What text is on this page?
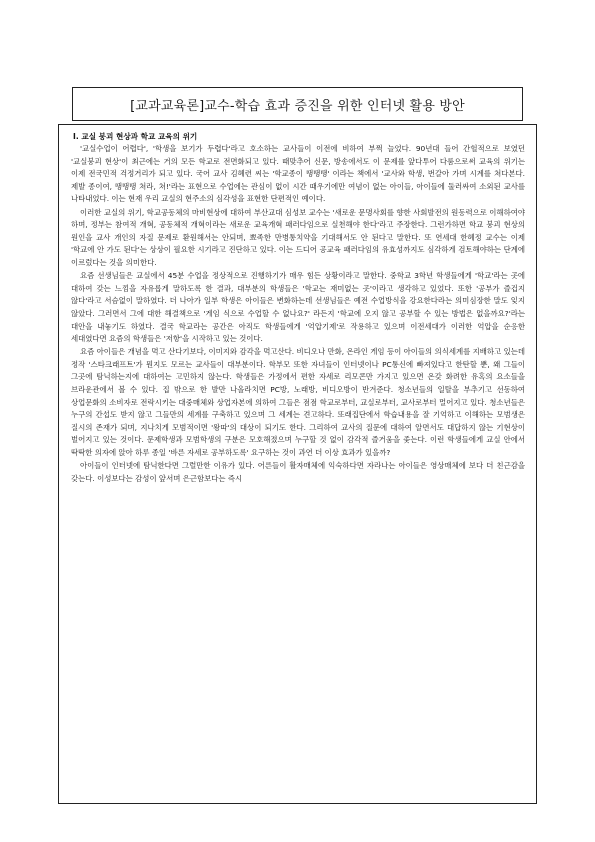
[교과교육론]교수-학습 효과 증진을 위한 인터넷 활용 방안
Ⅰ. 교실 붕괴 현상과 학교 교육의 위기

'교실수업이 어렵다', '학생을 보기가 두렵다'라고 호소하는 교사들이 이전에 비하여 부쩍 늘었다. 90년대 들어 간헐적으로 보였던 '교실붕괴 현상'이 최근에는 거의 모든 학교로 전면화되고 있다. 때맞추어 신문, 방송에서도 이 문제를 앞다투어 다룸으로써 교육의 위기는 이제 전국민적 걱정거리가 되고 있다. 국어 교사 김혜련 씨는 '학교종이 땡땡땡' 이라는 책에서 '교사와 학생, 번갈아 가며 시계를 쳐다본다. 제발 종이여, 땡땡땡 쳐라, 쳐!'라는 표현으로 수업에는 관심이 없이 시간 때우기에만 여념이 없는 아이들, 아이들에 둘러싸여 소외된 교사를 나타내었다. 이는 현재 우리 교실의 현주소의 심각성을 표현한 단편적인 예이다.

이러한 교실의 위기, 학교공동체의 마비현상에 대하여 부산교대 심성보 교수는 '새로운 문명사회를 향한 사회발전의 원동력으로 이해하여야 하며, 정부는 참여적 개혁, 공동체적 개혁이라는 새로운 교육개혁 패러다임으로 실천해야 한다'라고 주장한다. 그런가하면 학교 붕괴 현상의 원인을 교사 개인의 자질 문제로 환원해서는 안되며, 뾰족한 만병통치약을 기대해서도 안 된다고 말한다. 또 연세대 한혜정 교수는 이제 '학교에 안 가도 된다'는 상상이 필요한 시기라고 진단하고 있다. 이는 드디어 공교육 패러다임의 유효성까지도 심각하게 검토해야하는 단계에 이르렀다는 것을 의미한다.

요즘 선생님들은 교실에서 45분 수업을 정상적으로 진행하기가 매우 힘든 상황이라고 말한다. 중학교 3학년 학생들에게 '학교'라는 곳에 대하여 갖는 느낌을 자유롭게 말하도록 한 결과, 대부분의 학생들은 '학교는 재미없는 곳'이라고 생각하고 있었다. 또한 '공부가 즐겁지 않다'라고 서슴없이 말하였다. 더 나아가 일부 학생은 아이들은 변화하는데 선생님들은 예전 수업방식을 강요한다라는 의미심장한 말도 잊지 않았다. 그러면서 그에 대한 해결책으로 '게임 식으로 수업할 수 없나요?' 라든지 '학교에 오지 않고 공부할 수 있는 방법은 없을까요?'라는 대안을 내놓기도 하였다. 결국 학교라는 공간은 아직도 학생들에게 '억압기제'로 작용하고 있으며 이전세대가 이러한 억압을 순응한 세대였다면 요즘의 학생들은 '저항'을 시작하고 있는 것이다.

요즘 아이들은 개념을 먹고 산다기보다, 이미지와 감각을 먹고산다. 비디오나 만화, 온라인 게임 등이 아이들의 의식세계를 지배하고 있는데 정작 '스타크래프트'가 뭔지도 모르는 교사들이 대부분이다. 학부모 또한 자녀들이 인터넷이나 PC통신에 빠져있다고 한탄할 뿐, 왜 그들이 그곳에 탐닉하는지에 대하여는 고민하지 않는다. 학생들은 가정에서 편한 자세로 리모콘만 가지고 있으면 온갖 화려한 유혹의 요소들을 브라운관에서 볼 수 있다. 집 밖으로 한 발만 나올라치면 PC방, 노래방, 비디오방이 반겨준다. 청소년들의 일탈을 부추기고 선동하여 상업문화의 소비자로 전락시키는 대중매체와 상업자본에 의하여 그들은 점점 학교로부터, 교실로부터, 교사로부터 멀어지고 있다. 청소년들은 누구의 간섭도 받지 않고 그들만의 세계를 구축하고 있으며 그 세계는 견고하다. 또래집단에서 학습내용을 잘 기억하고 이해하는 모범생은 질시의 존재가 되며, 지나치게 모범적이면 '왕따'의 대상이 되기도 한다. 그리하여 교사의 질문에 대하여 알면서도 대답하지 않는 기현상이 벌어지고 있는 것이다. 문제학생과 모범학생의 구분은 모호해졌으며 누구할 것 없이 감각적 즐거움을 좇는다. 이런 학생들에게 교실 안에서 딱딱한 의자에 앉아 하루 종일 '바른 자세로 공부하도록' 요구하는 것이 과연 더 이상 효과가 있을까?

아이들이 인터넷에 탐닉한다면 그럴만한 이유가 있다. 어른들이 활자매체에 익숙하다면 자라나는 아이들은 영상매체에 보다 더 친근감을 갖는다. 이성보다는 감성이 앞서며 은근함보다는 즉시
